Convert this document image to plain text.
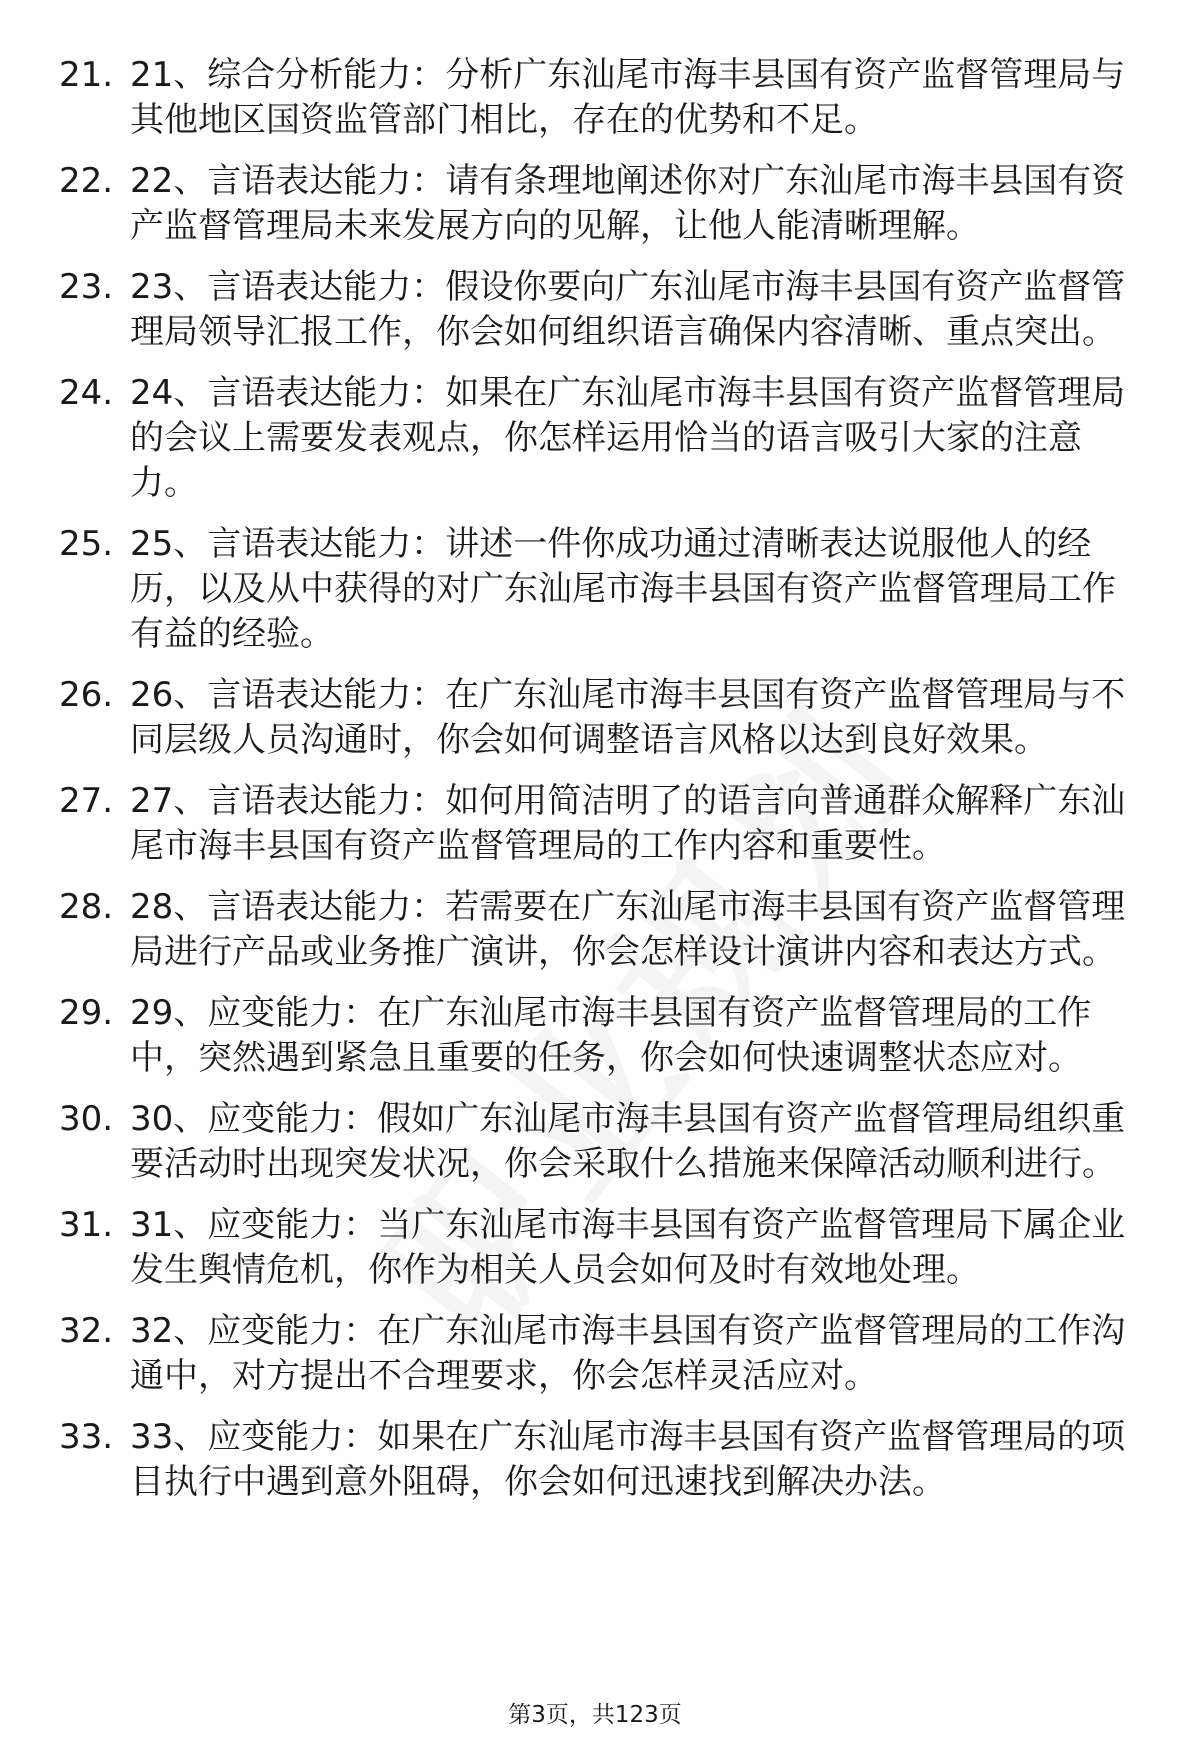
21. 21、综合分析能力：分析广东汕尾市海丰县国有资产监督管理局与其他地区国资监管部门相比，存在的优势和不足。
22. 22、言语表达能力：请有条理地阐述你对广东汕尾市海丰县国有资产监督管理局未来发展方向的见解，让他人能清晰理解。
23. 23、言语表达能力：假设你要向广东汕尾市海丰县国有资产监督管理局领导汇报工作，你会如何组织语言确保内容清晰、重点突出。
24. 24、言语表达能力：如果在广东汕尾市海丰县国有资产监督管理局的会议上需要发表观点，你怎样运用恰当的语言吸引大家的注意力。
25. 25、言语表达能力：讲述一件你成功通过清晰表达说服他人的经历，以及从中获得的对广东汕尾市海丰县国有资产监督管理局工作有益的经验。
26. 26、言语表达能力：在广东汕尾市海丰县国有资产监督管理局与不同层级人员沟通时，你会如何调整语言风格以达到良好效果。
27. 27、言语表达能力：如何用简洁明了的语言向普通群众解释广东汕尾市海丰县国有资产监督管理局的工作内容和重要性。
28. 28、言语表达能力：若需要在广东汕尾市海丰县国有资产监督管理局进行产品或业务推广演讲，你会怎样设计演讲内容和表达方式。
29. 29、应变能力：在广东汕尾市海丰县国有资产监督管理局的工作中，突然遇到紧急且重要的任务，你会如何快速调整状态应对。
30. 30、应变能力：假如广东汕尾市海丰县国有资产监督管理局组织重要活动时出现突发状况，你会采取什么措施来保障活动顺利进行。
31. 31、应变能力：当广东汕尾市海丰县国有资产监督管理局下属企业发生舆情危机，你作为相关人员会如何及时有效地处理。
32. 32、应变能力：在广东汕尾市海丰县国有资产监督管理局的工作沟通中，对方提出不合理要求，你会怎样灵活应对。
33. 33、应变能力：如果在广东汕尾市海丰县国有资产监督管理局的项目执行中遇到意外阻碍，你会如何迅速找到解决办法。
第3页，共123页
